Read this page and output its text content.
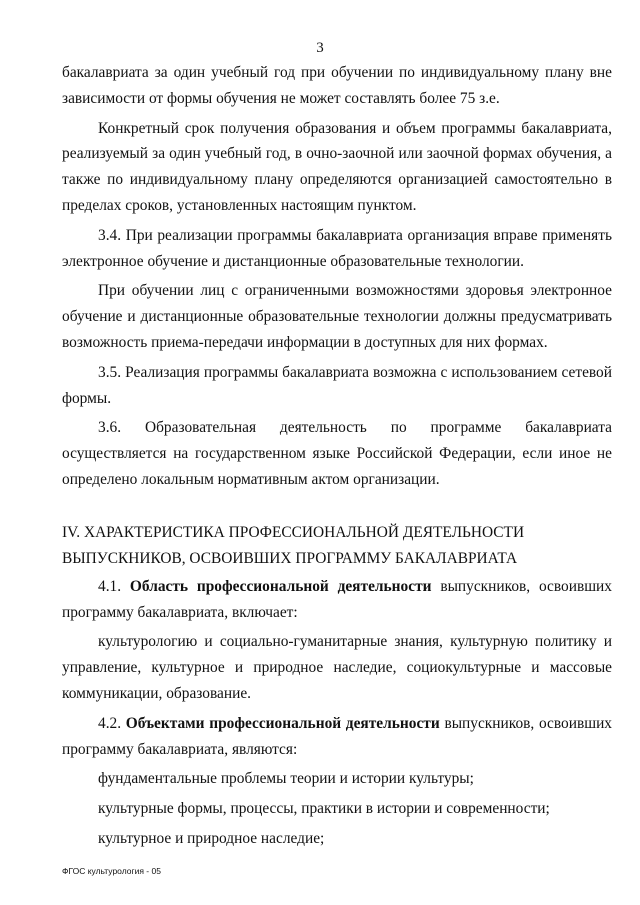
3

бакалавриата за один учебный год при обучении по индивидуальному плану вне зависимости от формы обучения не может составлять более 75 з.е.

Конкретный срок получения образования и объем программы бакалавриата, реализуемый за один учебный год, в очно-заочной или заочной формах обучения, а также по индивидуальному плану определяются организацией самостоятельно в пределах сроков, установленных настоящим пунктом.

3.4. При реализации программы бакалавриата организация вправе применять электронное обучение и дистанционные образовательные технологии.

При обучении лиц с ограниченными возможностями здоровья электронное обучение и дистанционные образовательные технологии должны предусматривать возможность приема-передачи информации в доступных для них формах.

3.5. Реализация программы бакалавриата возможна с использованием сетевой формы.

3.6. Образовательная деятельность по программе бакалавриата осуществляется на государственном языке Российской Федерации, если иное не определено локальным нормативным актом организации.

IV. ХАРАКТЕРИСТИКА ПРОФЕССИОНАЛЬНОЙ ДЕЯТЕЛЬНОСТИ
ВЫПУСКНИКОВ, ОСВОИВШИХ ПРОГРАММУ БАКАЛАВРИАТА

4.1. Область профессиональной деятельности выпускников, освоивших программу бакалавриата, включает:

культурологию и социально-гуманитарные знания, культурную политику и управление, культурное и природное наследие, социокультурные и массовые коммуникации, образование.

4.2. Объектами профессиональной деятельности выпускников, освоивших программу бакалавриата, являются:

фундаментальные проблемы теории и истории культуры;

культурные формы, процессы, практики в истории и современности;

культурное и природное наследие;

ФГОС культурология - 05
